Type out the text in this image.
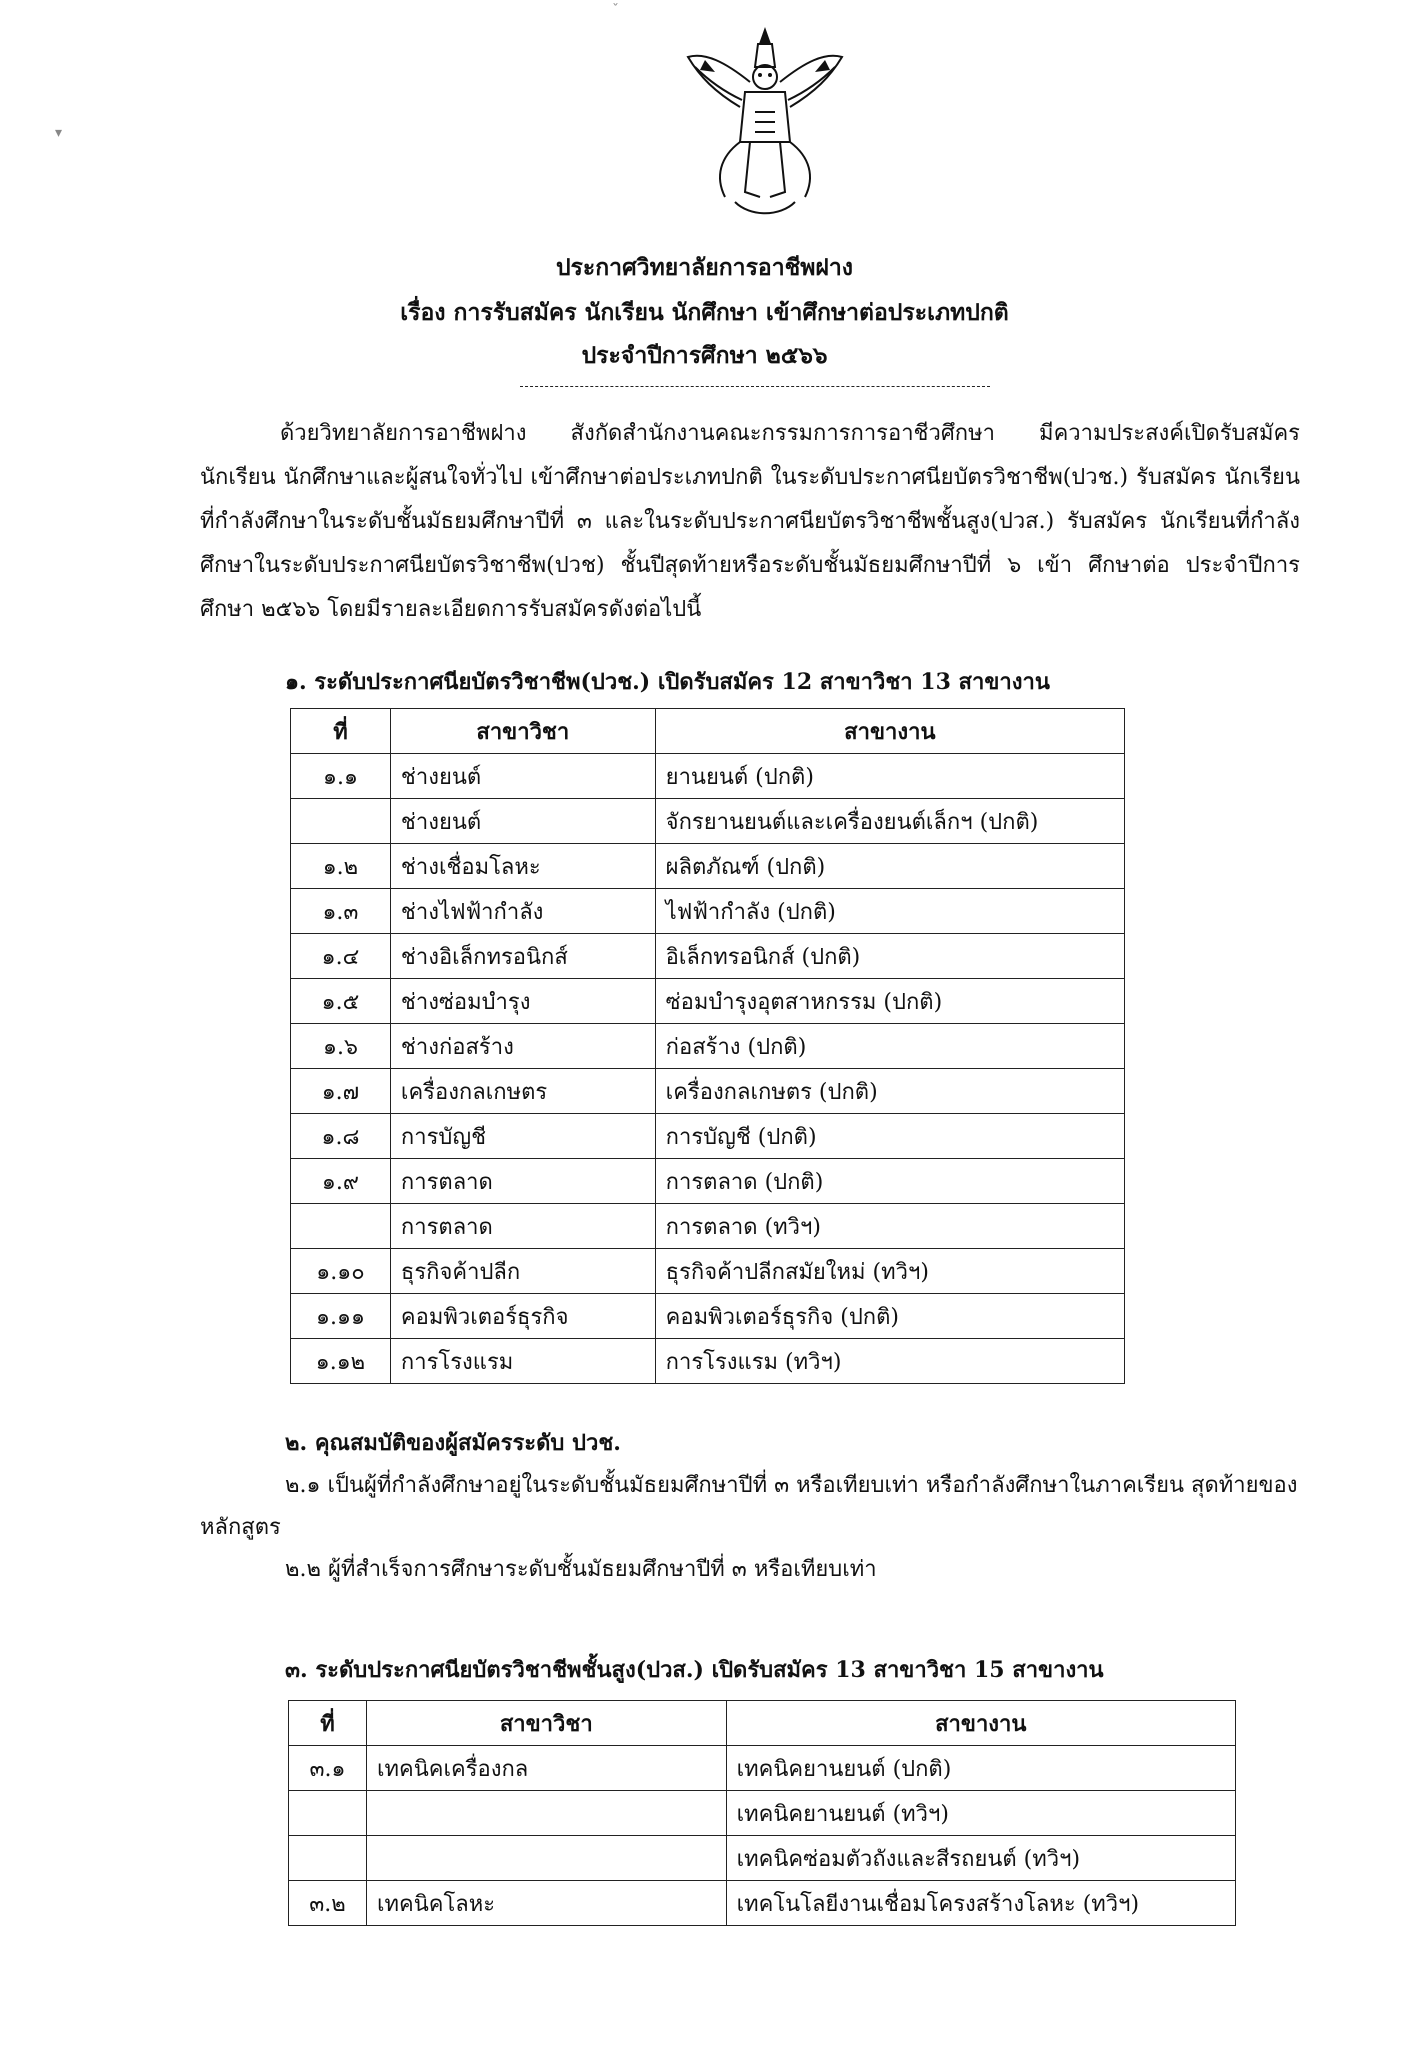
ˇ
▾
ประกาศวิทยาลัยการอาชีพฝาง
เรื่อง การรับสมัคร นักเรียน นักศึกษา เข้าศึกษาต่อประเภทปกติ
ประจำปีการศึกษา ๒๕๖๖

ด้วยวิทยาลัยการอาชีพฝาง สังกัดสำนักงานคณะกรรมการการอาชีวศึกษา มีความประสงค์เปิดรับสมัคร นักเรียน นักศึกษาและผู้สนใจทั่วไป เข้าศึกษาต่อประเภทปกติ ในระดับประกาศนียบัตรวิชาชีพ(ปวช.) รับสมัคร นักเรียนที่กำลังศึกษาในระดับชั้นมัธยมศึกษาปีที่ ๓ และในระดับประกาศนียบัตรวิชาชีพชั้นสูง(ปวส.) รับสมัคร นักเรียนที่กำลังศึกษาในระดับประกาศนียบัตรวิชาชีพ(ปวช) ชั้นปีสุดท้ายหรือระดับชั้นมัธยมศึกษาปีที่ ๖ เข้า ศึกษาต่อ ประจำปีการศึกษา ๒๕๖๖ โดยมีรายละเอียดการรับสมัครดังต่อไปนี้

๑. ระดับประกาศนียบัตรวิชาชีพ(ปวช.) เปิดรับสมัคร 12 สาขาวิชา 13 สาขางาน
ที่	สาขาวิชา	สาขางาน
๑.๑	ช่างยนต์	ยานยนต์ (ปกติ)
	ช่างยนต์	จักรยานยนต์และเครื่องยนต์เล็กฯ (ปกติ)
๑.๒	ช่างเชื่อมโลหะ	ผลิตภัณฑ์ (ปกติ)
๑.๓	ช่างไฟฟ้ากำลัง	ไฟฟ้ากำลัง (ปกติ)
๑.๔	ช่างอิเล็กทรอนิกส์	อิเล็กทรอนิกส์ (ปกติ)
๑.๕	ช่างซ่อมบำรุง	ซ่อมบำรุงอุตสาหกรรม (ปกติ)
๑.๖	ช่างก่อสร้าง	ก่อสร้าง (ปกติ)
๑.๗	เครื่องกลเกษตร	เครื่องกลเกษตร (ปกติ)
๑.๘	การบัญชี	การบัญชี (ปกติ)
๑.๙	การตลาด	การตลาด (ปกติ)
	การตลาด	การตลาด (ทวิฯ)
๑.๑๐	ธุรกิจค้าปลีก	ธุรกิจค้าปลีกสมัยใหม่ (ทวิฯ)
๑.๑๑	คอมพิวเตอร์ธุรกิจ	คอมพิวเตอร์ธุรกิจ (ปกติ)
๑.๑๒	การโรงแรม	การโรงแรม (ทวิฯ)
๒. คุณสมบัติของผู้สมัครระดับ ปวช.

๒.๑ เป็นผู้ที่กำลังศึกษาอยู่ในระดับชั้นมัธยมศึกษาปีที่ ๓ หรือเทียบเท่า หรือกำลังศึกษาในภาคเรียน สุดท้ายของหลักสูตร

๒.๒ ผู้ที่สำเร็จการศึกษาระดับชั้นมัธยมศึกษาปีที่ ๓ หรือเทียบเท่า

๓. ระดับประกาศนียบัตรวิชาชีพชั้นสูง(ปวส.) เปิดรับสมัคร 13 สาขาวิชา 15 สาขางาน
ที่	สาขาวิชา	สาขางาน
๓.๑	เทคนิคเครื่องกล	เทคนิคยานยนต์ (ปกติ)
		เทคนิคยานยนต์ (ทวิฯ)
		เทคนิคซ่อมตัวถังและสีรถยนต์ (ทวิฯ)
๓.๒	เทคนิคโลหะ	เทคโนโลยีงานเชื่อมโครงสร้างโลหะ (ทวิฯ)
